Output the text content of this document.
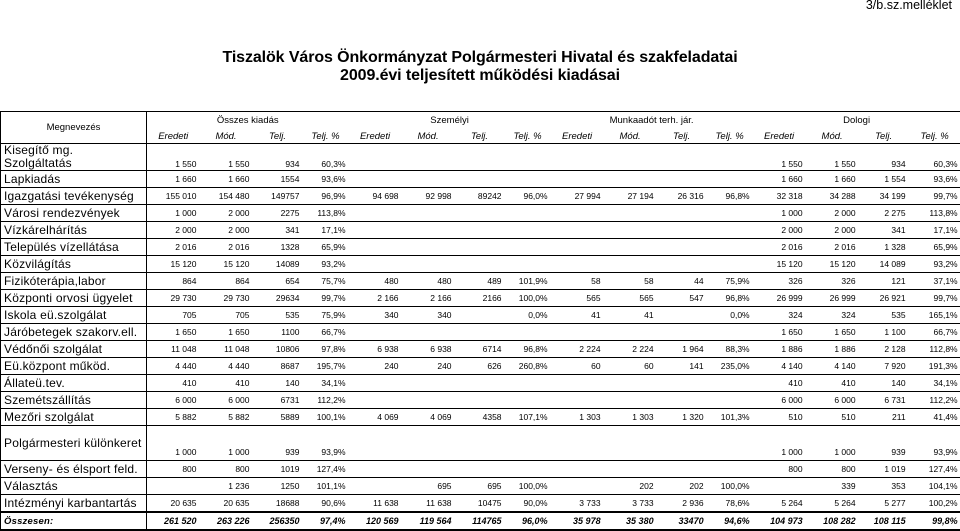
3/b.sz.melléklet
Tiszalök Város Önkormányzat Polgármesteri Hivatal és szakfeladatai
2009.évi teljesített működési kiadásai
Megnevezés	Összes kiadás				Személyi				Munkaadót terh. jár.				Dologi			
	Eredeti	Mód.	Telj.	Telj. %	Eredeti	Mód.	Telj.	Telj. %	Eredeti	Mód.	Telj.	Telj. %	Eredeti	Mód.	Telj.	Telj. %
Kisegítő mg. Szolgáltatás	1 550	1 550	934	60,3%									1 550	1 550	934	60,3%
Lapkiadás	1 660	1 660	1554	93,6%									1 660	1 660	1 554	93,6%
Igazgatási tevékenység	155 010	154 480	149757	96,9%	94 698	92 998	89242	96,0%	27 994	27 194	26 316	96,8%	32 318	34 288	34 199	99,7%
Városi rendezvények	1 000	2 000	2275	113,8%									1 000	2 000	2 275	113,8%
Vízkárelhárítás	2 000	2 000	341	17,1%									2 000	2 000	341	17,1%
Település vízellátása	2 016	2 016	1328	65,9%									2 016	2 016	1 328	65,9%
Közvilágítás	15 120	15 120	14089	93,2%									15 120	15 120	14 089	93,2%
Fizikóterápia,labor	864	864	654	75,7%	480	480	489	101,9%	58	58	44	75,9%	326	326	121	37,1%
Központi orvosi ügyelet	29 730	29 730	29634	99,7%	2 166	2 166	2166	100,0%	565	565	547	96,8%	26 999	26 999	26 921	99,7%
Iskola eü.szolgálat	705	705	535	75,9%	340	340		0,0%	41	41		0,0%	324	324	535	165,1%
Járóbetegek szakorv.ell.	1 650	1 650	1100	66,7%									1 650	1 650	1 100	66,7%
Védőnői szolgálat	11 048	11 048	10806	97,8%	6 938	6 938	6714	96,8%	2 224	2 224	1 964	88,3%	1 886	1 886	2 128	112,8%
Eü.központ működ.	4 440	4 440	8687	195,7%	240	240	626	260,8%	60	60	141	235,0%	4 140	4 140	7 920	191,3%
Állateü.tev.	410	410	140	34,1%									410	410	140	34,1%
Szemétszállítás	6 000	6 000	6731	112,2%									6 000	6 000	6 731	112,2%
Mezőri szolgálat	5 882	5 882	5889	100,1%	4 069	4 069	4358	107,1%	1 303	1 303	1 320	101,3%	510	510	211	41,4%
Polgármesteri különkeret	1 000	1 000	939	93,9%									1 000	1 000	939	93,9%
Verseny- és élsport feld.	800	800	1019	127,4%									800	800	1 019	127,4%
Választás		1 236	1250	101,1%		695	695	100,0%		202	202	100,0%		339	353	104,1%
Intézményi karbantartás	20 635	20 635	18688	90,6%	11 638	11 638	10475	90,0%	3 733	3 733	2 936	78,6%	5 264	5 264	5 277	100,2%
Összesen:	261 520	263 226	256350	97,4%	120 569	119 564	114765	96,0%	35 978	35 380	33470	94,6%	104 973	108 282	108 115	99,8%
